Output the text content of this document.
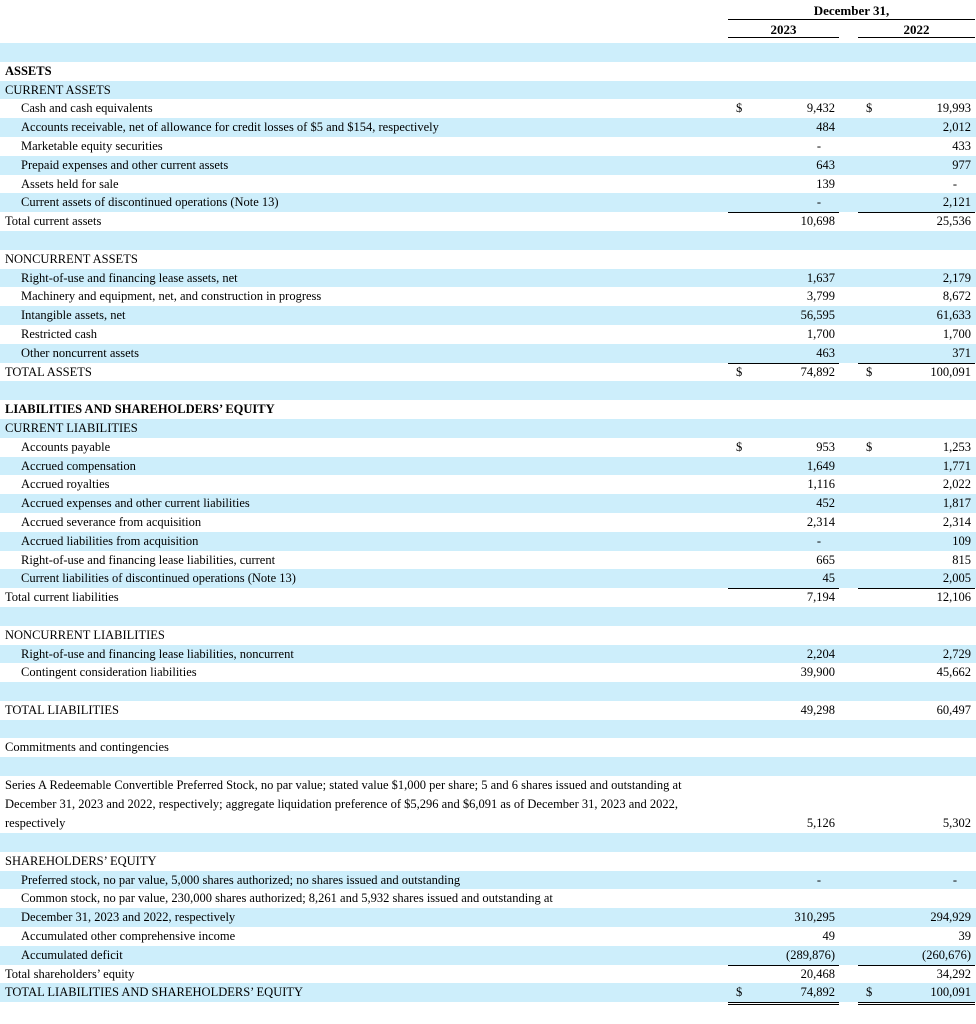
December 31,
2023	2022
ASSETS
CURRENT ASSETS
Cash and cash equivalents	$	9,432 $	19,993
Accounts receivable, net of allowance for credit losses of $5 and $154, respectively	484	2,012
Marketable equity securities	-	433
Prepaid expenses and other current assets	643	977
Assets held for sale	139	-
Current assets of discontinued operations (Note 13)	-	2,121
Total current assets	10,698	25,536
NONCURRENT ASSETS
Right-of-use and financing lease assets, net	1,637	2,179
Machinery and equipment, net, and construction in progress	3,799	8,672
Intangible assets, net	56,595	61,633
Restricted cash	1,700	1,700
Other noncurrent assets	463	371
TOTAL ASSETS	$	74,892 $	100,091
LIABILITIES AND SHAREHOLDERS’ EQUITY
CURRENT LIABILITIES
Accounts payable	$	953 $	1,253
Accrued compensation	1,649	1,771
Accrued royalties	1,116	2,022
Accrued expenses and other current liabilities	452	1,817
Accrued severance from acquisition	2,314	2,314
Accrued liabilities from acquisition	-	109
Right-of-use and financing lease liabilities, current	665	815
Current liabilities of discontinued operations (Note 13)	45	2,005
Total current liabilities	7,194	12,106
NONCURRENT LIABILITIES
Right-of-use and financing lease liabilities, noncurrent	2,204	2,729
Contingent consideration liabilities	39,900	45,662
TOTAL LIABILITIES	49,298	60,497
Commitments and contingencies
Series A Redeemable Convertible Preferred Stock, no par value; stated value $1,000 per share; 5 and 6 shares issued and outstanding at December 31, 2023 and 2022, respectively; aggregate liquidation preference of $5,296 and $6,091 as of December 31, 2023 and 2022, respectively	5,126	5,302
SHAREHOLDERS’ EQUITY
Preferred stock, no par value, 5,000 shares authorized; no shares issued and outstanding	-	-
Common stock, no par value, 230,000 shares authorized; 8,261 and 5,932 shares issued and outstanding at
December 31, 2023 and 2022, respectively	310,295	294,929
Accumulated other comprehensive income	49	39
Accumulated deficit	(289,876)	(260,676)
Total shareholders’ equity	20,468	34,292
TOTAL LIABILITIES AND SHAREHOLDERS’ EQUITY	$	74,892 $	100,091
